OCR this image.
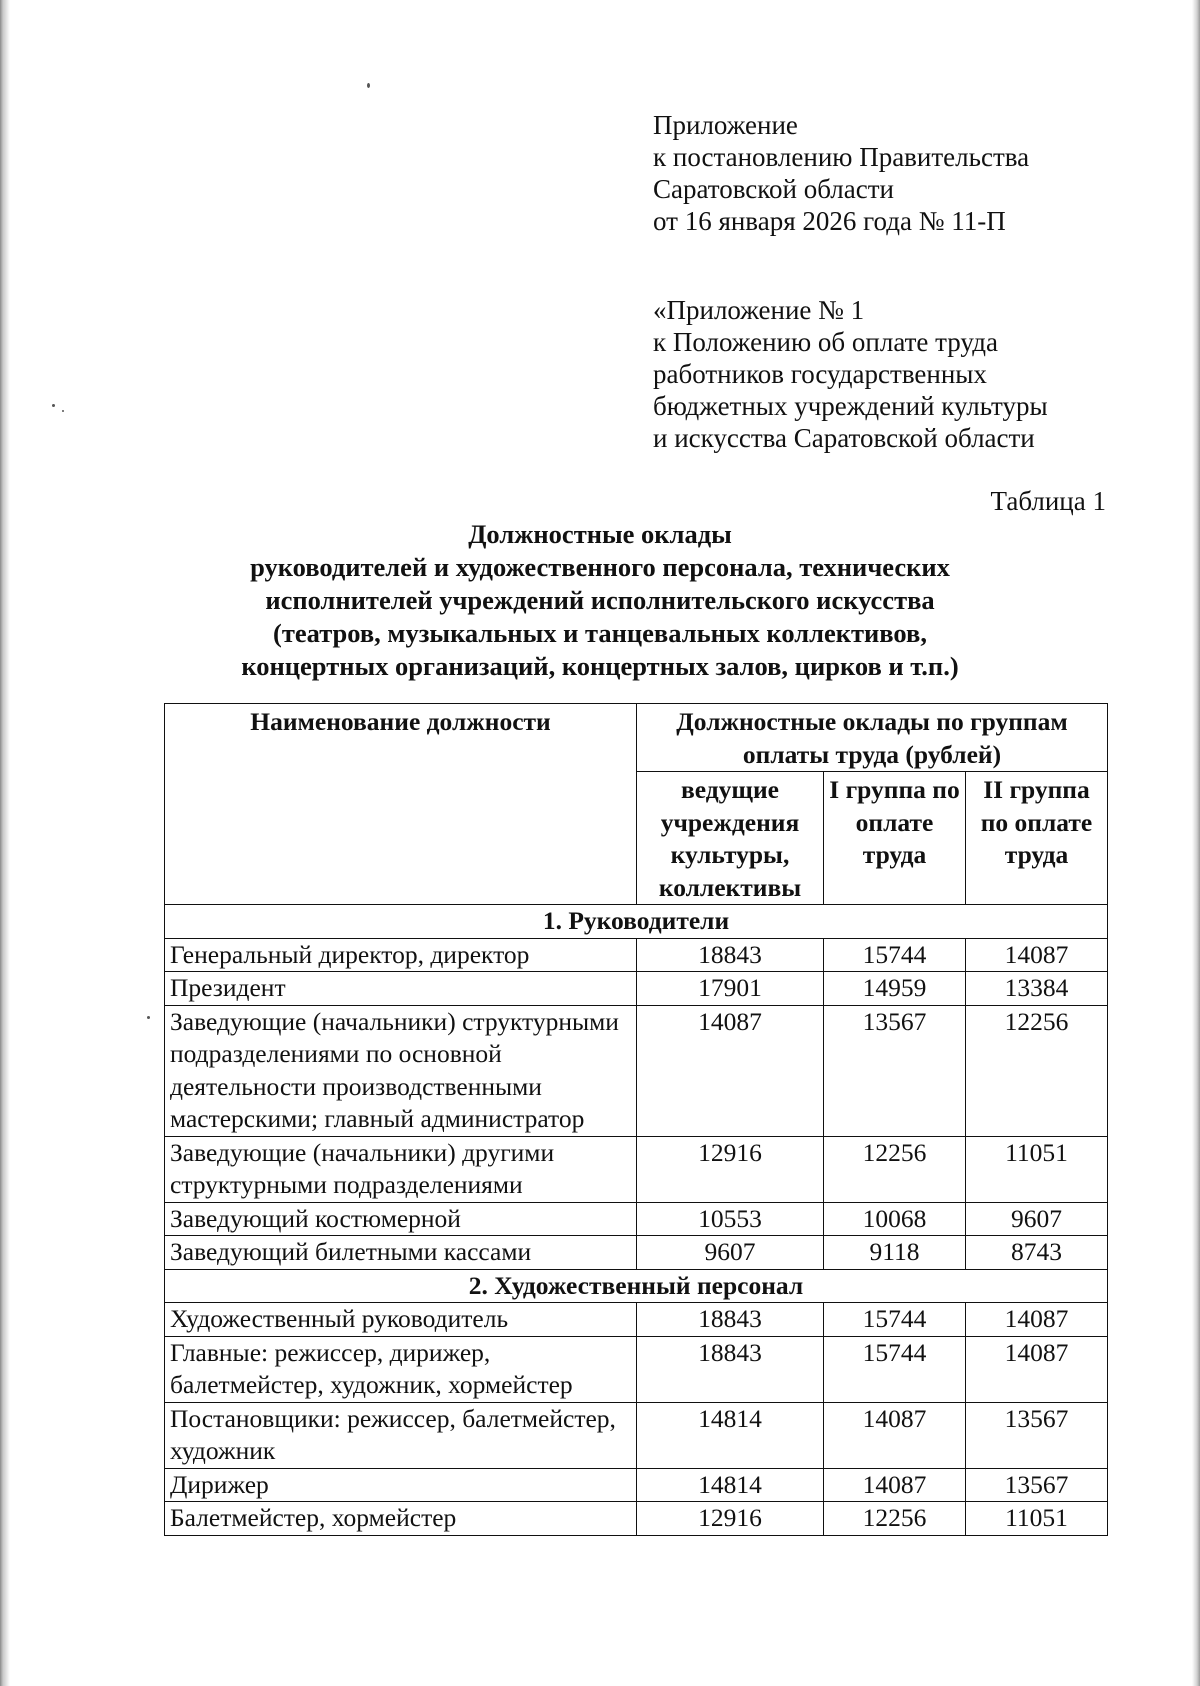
Приложение
к постановлению Правительства
Саратовской области
от 16 января 2026 года № 11-П
«Приложение № 1
к Положению об оплате труда
работников государственных
бюджетных учреждений культуры
и искусства Саратовской области
Таблица 1
Должностные оклады
руководителей и художественного персонала, технических
исполнителей учреждений исполнительского искусства
(театров, музыкальных и танцевальных коллективов,
концертных организаций, концертных залов, цирков и т.п.)
Наименование должности	Должностные оклады по группам оплаты труда (рублей)		
	ведущие учреждения культуры, коллективы	I группа по оплате труда	II группа по оплате труда
1. Руководители			
Генеральный директор, директор	18843	15744	14087
Президент	17901	14959	13384
Заведующие (начальники) структурными подразделениями по основной деятельности производственными мастерскими; главный администратор	14087	13567	12256
Заведующие (начальники) другими структурными подразделениями	12916	12256	11051
Заведующий костюмерной	10553	10068	9607
Заведующий билетными кассами	9607	9118	8743
2. Художественный персонал			
Художественный руководитель	18843	15744	14087
Главные: режиссер, дирижер, балетмейстер, художник, хормейстер	18843	15744	14087
Постановщики: режиссер, балетмейстер, художник	14814	14087	13567
Дирижер	14814	14087	13567
Балетмейстер, хормейстер	12916	12256	11051
